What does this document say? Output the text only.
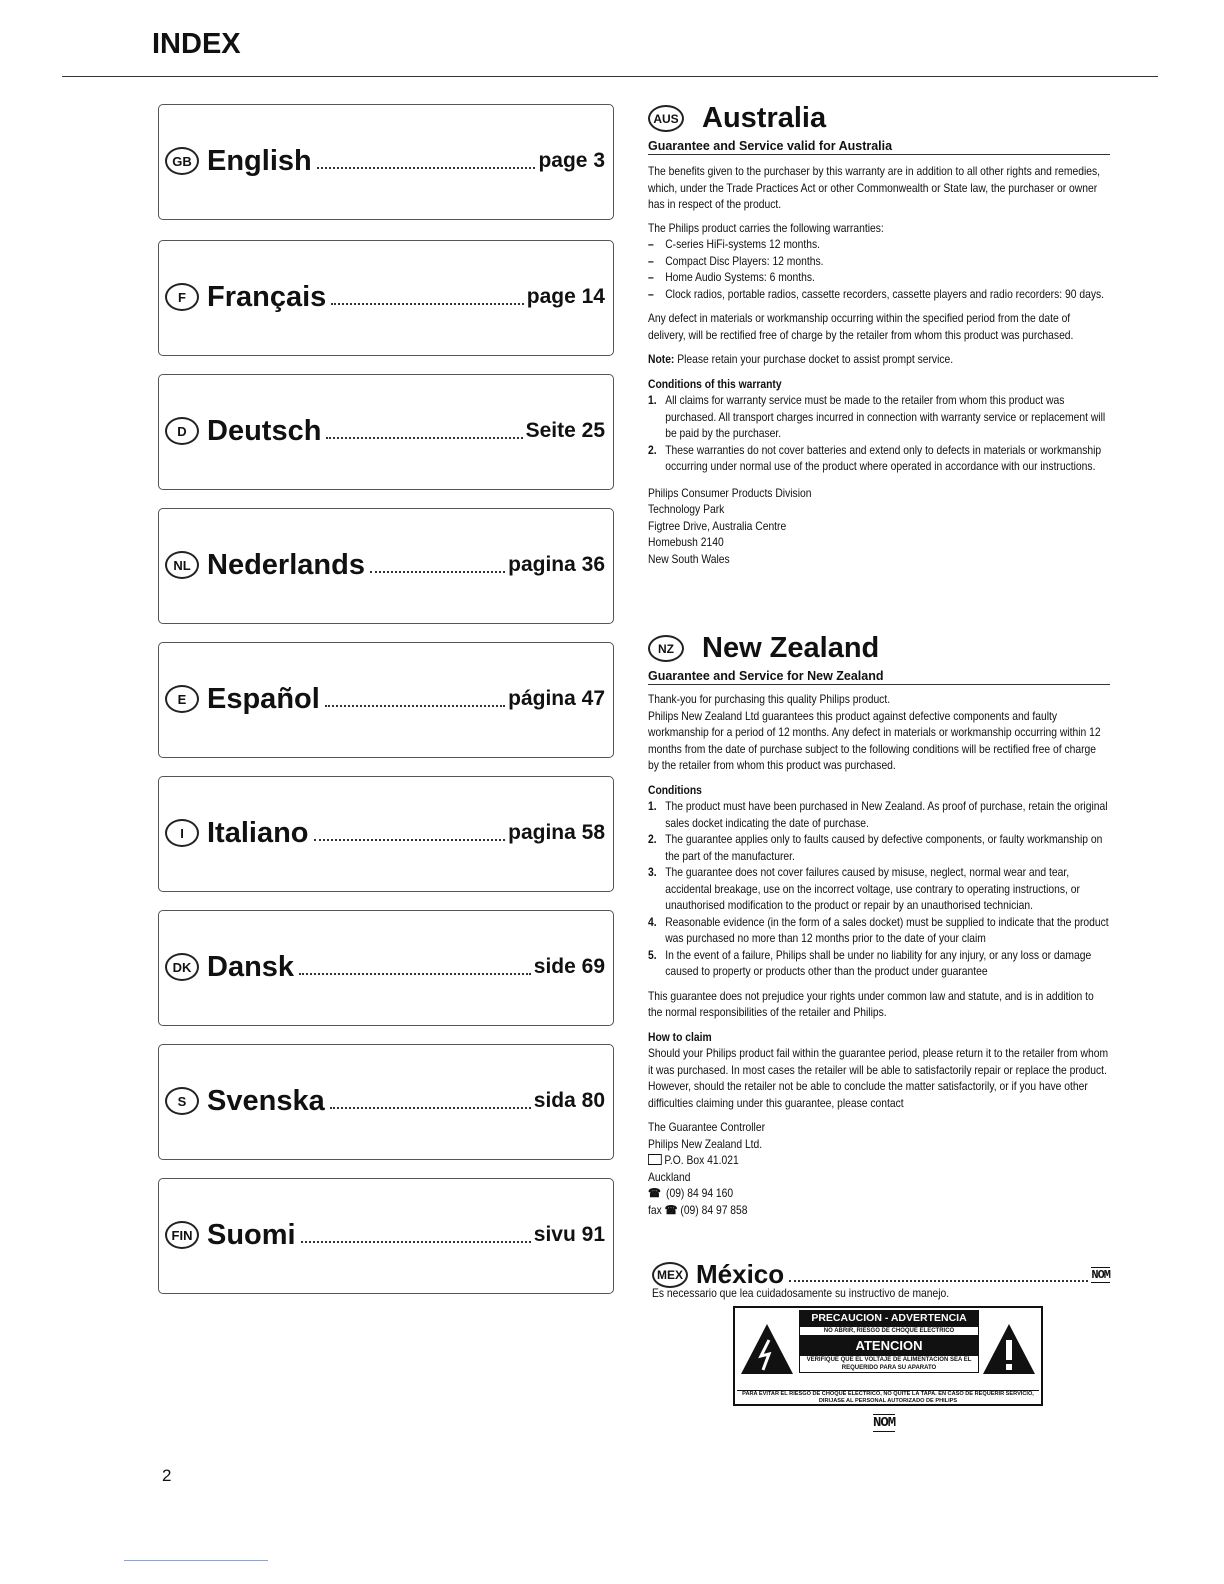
INDEX
GB English	page 3
F Français	page 14
D Deutsch	Seite 25
NL Nederlands	pagina 36
E Español	página 47
I Italiano	pagina 58
DK Dansk	side 69
S Svenska	sida 80
FIN Suomi	sivu 91
AUS Australia
Guarantee and Service valid for Australia
The benefits given to the purchaser by this warranty are in addition to all other rights and remedies, which, under the Trade Practices Act or other Commonwealth or State law, the purchaser or owner has in respect of the product.
The Philips product carries the following warranties:
– C-series HiFi-systems 12 months.
– Compact Disc Players: 12 months.
– Home Audio Systems: 6 months.
– Clock radios, portable radios, cassette recorders, cassette players and radio recorders: 90 days.
Any defect in materials or workmanship occurring within the specified period from the date of delivery, will be rectified free of charge by the retailer from whom this product was purchased.
Note: Please retain your purchase docket to assist prompt service.
Conditions of this warranty
1. All claims for warranty service must be made to the retailer from whom this product was purchased. All transport charges incurred in connection with warranty service or replacement will be paid by the purchaser.
2. These warranties do not cover batteries and extend only to defects in materials or workmanship occurring under normal use of the product where operated in accordance with our instructions.
Philips Consumer Products Division
Technology Park
Figtree Drive, Australia Centre
Homebush 2140
New South Wales
NZ New Zealand
Guarantee and Service for New Zealand
Thank-you for purchasing this quality Philips product.
Philips New Zealand Ltd guarantees this product against defective components and faulty workmanship for a period of 12 months. Any defect in materials or workmanship occurring within 12 months from the date of purchase subject to the following conditions will be rectified free of charge by the retailer from whom this product was purchased.
Conditions
1. The product must have been purchased in New Zealand. As proof of purchase, retain the original sales docket indicating the date of purchase.
2. The guarantee applies only to faults caused by defective components, or faulty workmanship on the part of the manufacturer.
3. The guarantee does not cover failures caused by misuse, neglect, normal wear and tear, accidental breakage, use on the incorrect voltage, use contrary to operating instructions, or unauthorised modification to the product or repair by an unauthorised technician.
4. Reasonable evidence (in the form of a sales docket) must be supplied to indicate that the product was purchased no more than 12 months prior to the date of your claim
5. In the event of a failure, Philips shall be under no liability for any injury, or any loss or damage caused to property or products other than the product under guarantee
This guarantee does not prejudice your rights under common law and statute, and is in addition to the normal responsibilities of the retailer and Philips.
How to claim
Should your Philips product fail within the guarantee period, please return it to the retailer from whom it was purchased. In most cases the retailer will be able to satisfactorily repair or replace the product.
However, should the retailer not be able to conclude the matter satisfactorily, or if you have other difficulties claiming under this guarantee, please contact
The Guarantee Controller
Philips New Zealand Ltd.
P.O. Box 41.021
Auckland
☎ (09) 84 94 160
fax ☎ (09) 84 97 858
MEX México	NOM
Es necessario que lea cuidadosamente su instructivo de manejo.
PRECAUCION - ADVERTENCIA
NO ABRIR, RIESGO DE CHOQUE ELECTRICO
ATENCION
VERIFIQUE QUE EL VOLTAJE DE ALIMENTACION SEA EL REQUERIDO PARA SU APARATO
PARA EVITAR EL RIESGO DE CHOQUE ELECTRICO, NO QUITE LA TAPA. EN CASO DE REQUERIR SERVICIO, DIRIJASE AL PERSONAL AUTORIZADO DE PHILIPS
NOM
2
